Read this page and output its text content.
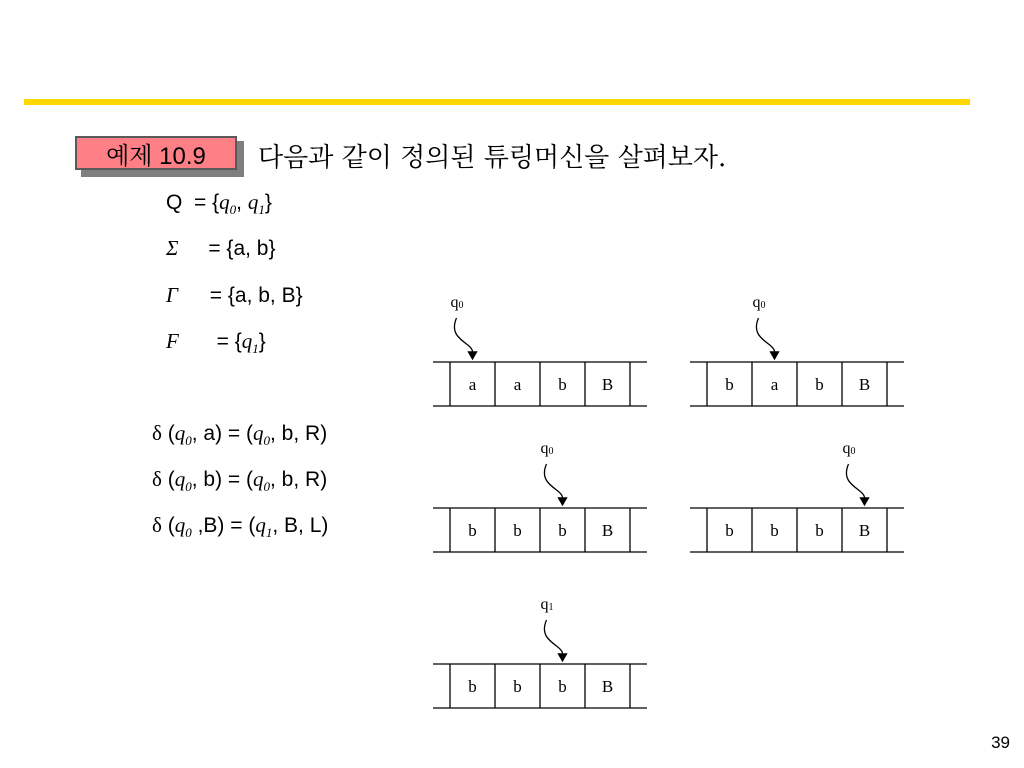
예제 10.9 다음과 같이 정의된 튜링머신을 살펴보자.
$Q = \{q_0$, $q_1$}
Σ = {a, b}
Γ = {a, b, B}
$F = \{q_1\}$
δ ($q_0$, $a) = (q_0$, b, R)
δ ($q_0$, $b) = (q_0$, b, R)
δ ($q_0$ $,B) = (q_1$, B, L)
a a b B
q0
b a b B
q0
b b b B
q0
b b b B
q0
b b b B
q1
39
